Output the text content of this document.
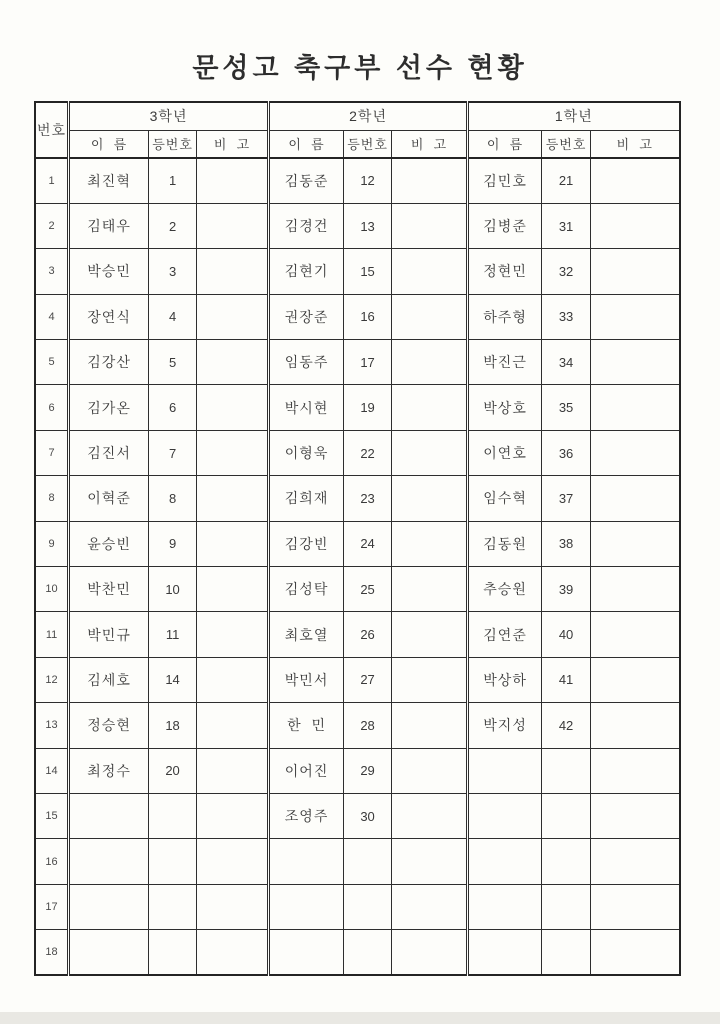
문성고 축구부 선수 현황
번호	3학년			2학년			1학년		
	이  름	등번호	비  고	이  름	등번호	비  고	이  름	등번호	비  고
1	최진혁	1		김동준	12		김민호	21	
2	김태우	2		김경건	13		김병준	31	
3	박승민	3		김현기	15		정현민	32	
4	장연식	4		권장준	16		하주형	33	
5	김강산	5		임동주	17		박진근	34	
6	김가온	6		박시현	19		박상호	35	
7	김진서	7		이형욱	22		이연호	36	
8	이혁준	8		김희재	23		임수혁	37	
9	윤승빈	9		김강빈	24		김동원	38	
10	박찬민	10		김성탁	25		추승원	39	
11	박민규	11		최호열	26		김연준	40	
12	김세호	14		박민서	27		박상하	41	
13	정승현	18		한  민	28		박지성	42	
14	최정수	20		이어진	29				
15				조영주	30				
16									
17									
18									
